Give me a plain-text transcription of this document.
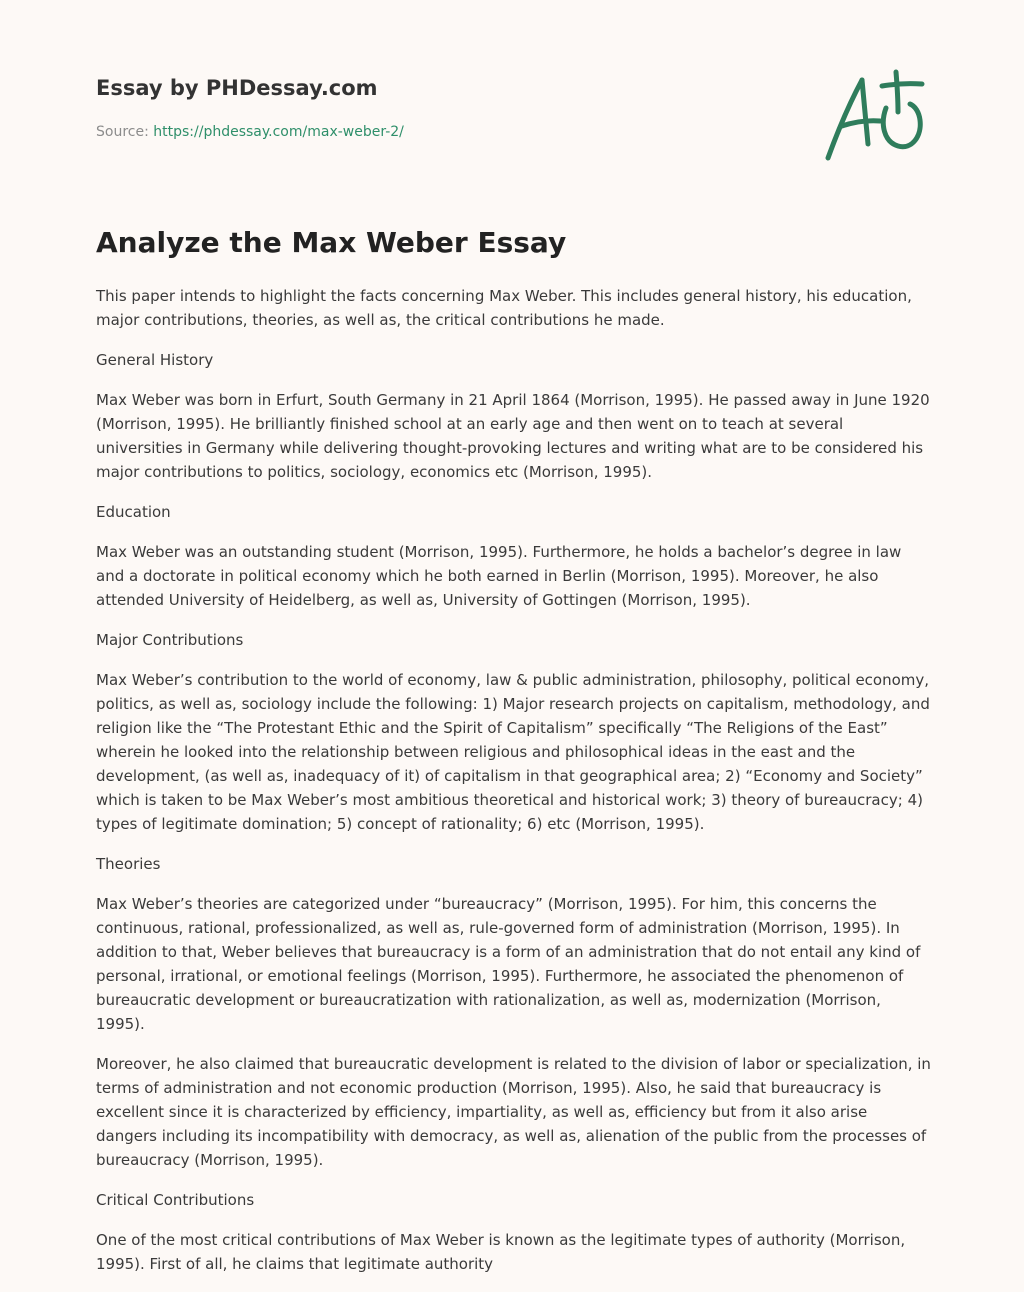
Essay by PHDessay.com
Source: https://phdessay.com/max-weber-2/
Analyze the Max Weber Essay

This paper intends to highlight the facts concerning Max Weber. This includes general history, his education, major contributions, theories, as well as, the critical contributions he made.

General History

Max Weber was born in Erfurt, South Germany in 21 April 1864 (Morrison, 1995). He passed away in June 1920 (Morrison, 1995). He brilliantly finished school at an early age and then went on to teach at several universities in Germany while delivering thought-provoking lectures and writing what are to be considered his major contributions to politics, sociology, economics etc (Morrison, 1995).

Education

Max Weber was an outstanding student (Morrison, 1995). Furthermore, he holds a bachelor’s degree in law and a doctorate in political economy which he both earned in Berlin (Morrison, 1995). Moreover, he also attended University of Heidelberg, as well as, University of Gottingen (Morrison, 1995).

Major Contributions

Max Weber’s contribution to the world of economy, law & public administration, philosophy, political economy, politics, as well as, sociology include the following: 1) Major research projects on capitalism, methodology, and religion like the “The Protestant Ethic and the Spirit of Capitalism” specifically “The Religions of the East” wherein he looked into the relationship between religious and philosophical ideas in the east and the development, (as well as, inadequacy of it) of capitalism in that geographical area; 2) “Economy and Society” which is taken to be Max Weber’s most ambitious theoretical and historical work; 3) theory of bureaucracy; 4) types of legitimate domination; 5) concept of rationality; 6) etc (Morrison, 1995).

Theories

Max Weber’s theories are categorized under “bureaucracy” (Morrison, 1995). For him, this concerns the continuous, rational, professionalized, as well as, rule-governed form of administration (Morrison, 1995). In addition to that, Weber believes that bureaucracy is a form of an administration that do not entail any kind of personal, irrational, or emotional feelings (Morrison, 1995). Furthermore, he associated the phenomenon of bureaucratic development or bureaucratization with rationalization, as well as, modernization (Morrison, 1995).

Moreover, he also claimed that bureaucratic development is related to the division of labor or specialization, in terms of administration and not economic production (Morrison, 1995). Also, he said that bureaucracy is excellent since it is characterized by efficiency, impartiality, as well as, efficiency but from it also arise dangers including its incompatibility with democracy, as well as, alienation of the public from the processes of bureaucracy (Morrison, 1995).

Critical Contributions

One of the most critical contributions of Max Weber is known as the legitimate types of authority (Morrison, 1995). First of all, he claims that legitimate authority
